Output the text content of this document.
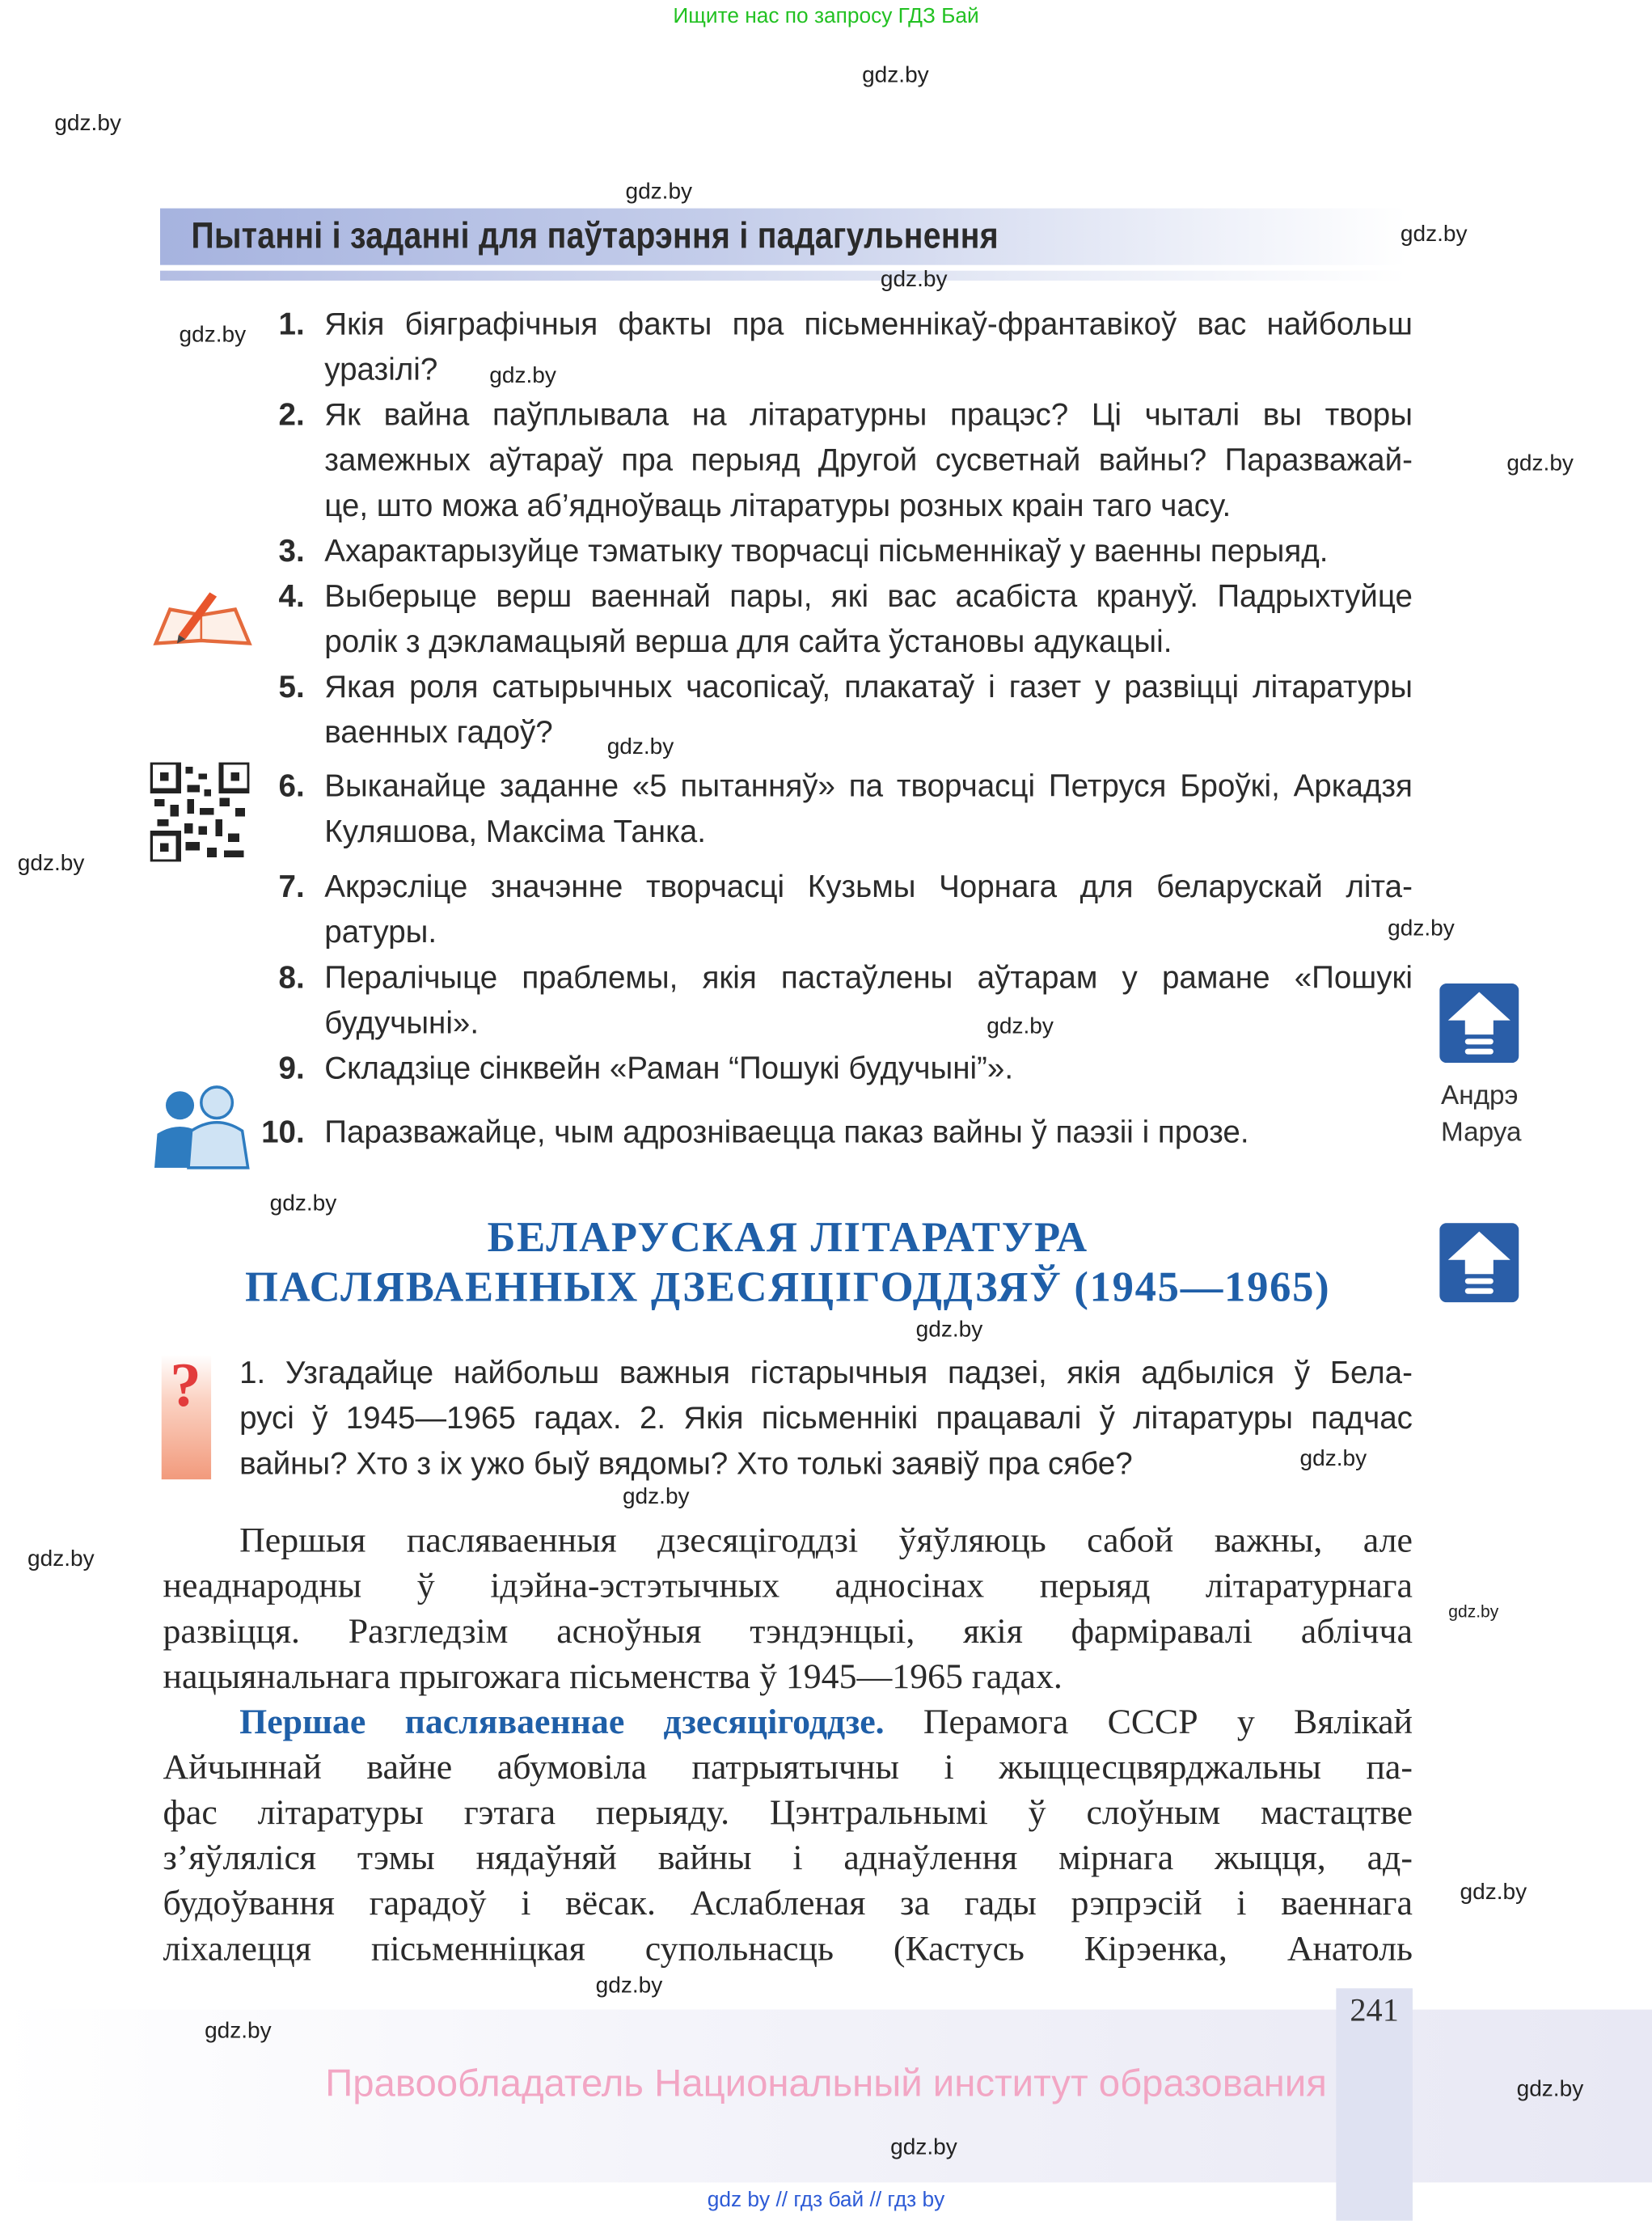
Ищите нас по запросу ГДЗ Бай
Пытанні і заданні для паўтарэння і падагульнення
1. Якія біяграфічныя факты пра пісьменнікаў-франтавікоў вас найбольш
уразілі?
2. Як вайна паўплывала на літаратурны працэс? Ці чыталі вы творы
замежных аўтараў пра перыяд Другой сусветнай вайны? Паразважай-
це, што можа аб’ядноўваць літаратуры розных краін таго часу.
3. Ахарактарызуйце тэматыку творчасці пісьменнікаў у ваенны перыяд.
4. Выберыце верш ваеннай пары, які вас асабіста крануў. Падрыхтуйце
ролік з дэкламацыяй верша для сайта ўстановы адукацыі.
5. Якая роля сатырычных часопісаў, плакатаў і газет у развіцці літаратуры
ваенных гадоў?
6. Выканайце заданне «5 пытанняў» па творчасці Петруся Броўкі, Аркадзя
Куляшова, Максіма Танка.
7. Акрэсліце значэнне творчасці Кузьмы Чорнага для беларускай літа-
ратуры.
8. Пералічыце праблемы, якія пастаўлены аўтарам у рамане «Пошукі
будучыні».
9. Складзіце сінквейн «Раман “Пошукі будучыні”».
10. Паразважайце, чым адрозніваецца паказ вайны ў паэзіі і прозе.
Андрэ
Маруа
БЕЛАРУСКАЯ ЛІТАРАТУРА
ПАСЛЯВАЕННЫХ ДЗЕСЯЦІГОДДЗЯЎ (1945—1965)
? 1. Узгадайце найбольш важныя гістарычныя падзеі, якія адбыліся ў Бела-
русі ў 1945—1965 гадах. 2. Якія пісьменнікі працавалі ў літаратуры падчас
вайны? Хто з іх ужо быў вядомы? Хто толькі заявіў пра сябе?
Першыя пасляваенныя дзесяцігоддзі ўяўляюць сабой важны, але
неаднародны ў ідэйна-эстэтычных адносінах перыяд літаратурнага
развіцця. Разгледзім асноўныя тэндэнцыі, якія фарміравалі аблічча
нацыянальнага прыгожага пісьменства ў 1945—1965 гадах.
Першае пасляваеннае дзесяцігоддзе. Перамога СССР у Вялікай
Айчыннай вайне абумовіла патрыятычны і жыццесцвярджальны па-
фас літаратуры гэтага перыяду. Цэнтральнымі ў слоўным мастацтве
з’яўляліся тэмы нядаўняй вайны і аднаўлення мірнага жыцця, ад-
будоўвання гарадоў і вёсак. Аслабленая за гады рэпрэсій і ваеннага
ліхалецця пісьменніцкая супольнасць (Кастусь Кірэенка, Анатоль
241
Правообладатель Национальный институт образования
gdz by // гдз бай // гдз by
gdz.by
gdz.by
gdz.by
gdz.by
gdz.by
gdz.by
gdz.by
gdz.by
gdz.by
gdz.by
gdz.by
gdz.by
gdz.by
gdz.by
gdz.by
gdz.by
gdz.by
gdz.by
gdz.by
gdz.by
gdz.by
gdz.by
gdz.by
